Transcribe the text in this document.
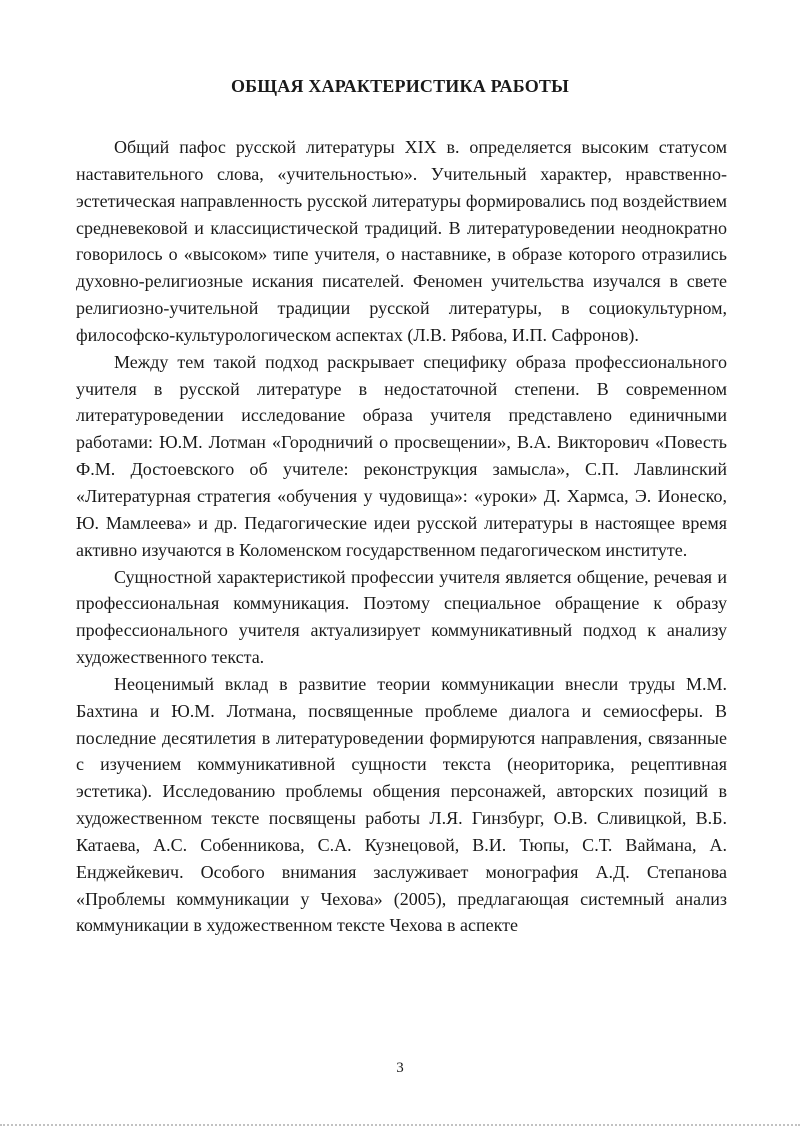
ОБЩАЯ ХАРАКТЕРИСТИКА РАБОТЫ

Общий пафос русской литературы XIX в. определяется высоким статусом наставительного слова, «учительностью». Учительный характер, нравственно-эстетическая направленность русской литературы формировались под воздействием средневековой и классицистической традиций. В литературоведении неоднократно говорилось о «высоком» типе учителя, о наставнике, в образе которого отразились духовно-религиозные искания писателей. Феномен учительства изучался в свете религиозно-учительной традиции русской литературы, в социокультурном, философско-культурологическом аспектах (Л.В. Рябова, И.П. Сафронов).

Между тем такой подход раскрывает специфику образа профессионального учителя в русской литературе в недостаточной степени. В современном литературоведении исследование образа учителя представлено единичными работами: Ю.М. Лотман «Городничий о просвещении», В.А. Викторович «Повесть Ф.М. Достоевского об учителе: реконструкция замысла», С.П. Лавлинский «Литературная стратегия «обучения у чудовища»: «уроки» Д. Хармса, Э. Ионеско, Ю. Мамлеева» и др. Педагогические идеи русской литературы в настоящее время активно изучаются в Коломенском государственном педагогическом институте.

Сущностной характеристикой профессии учителя является общение, речевая и профессиональная коммуникация. Поэтому специальное обращение к образу профессионального учителя актуализирует коммуникативный подход к анализу художественного текста.

Неоценимый вклад в развитие теории коммуникации внесли труды М.М. Бахтина и Ю.М. Лотмана, посвященные проблеме диалога и семиосферы. В последние десятилетия в литературоведении формируются направления, связанные с изучением коммуникативной сущности текста (неориторика, рецептивная эстетика). Исследованию проблемы общения персонажей, авторских позиций в художественном тексте посвящены работы Л.Я. Гинзбург, О.В. Сливицкой, В.Б. Катаева, А.С. Собенникова, С.А. Кузнецовой, В.И. Тюпы, С.Т. Ваймана, А. Енджейкевич. Особого внимания заслуживает монография А.Д. Степанова «Проблемы коммуникации у Чехова» (2005), предлагающая системный анализ коммуникации в художественном тексте Чехова в аспекте

3
